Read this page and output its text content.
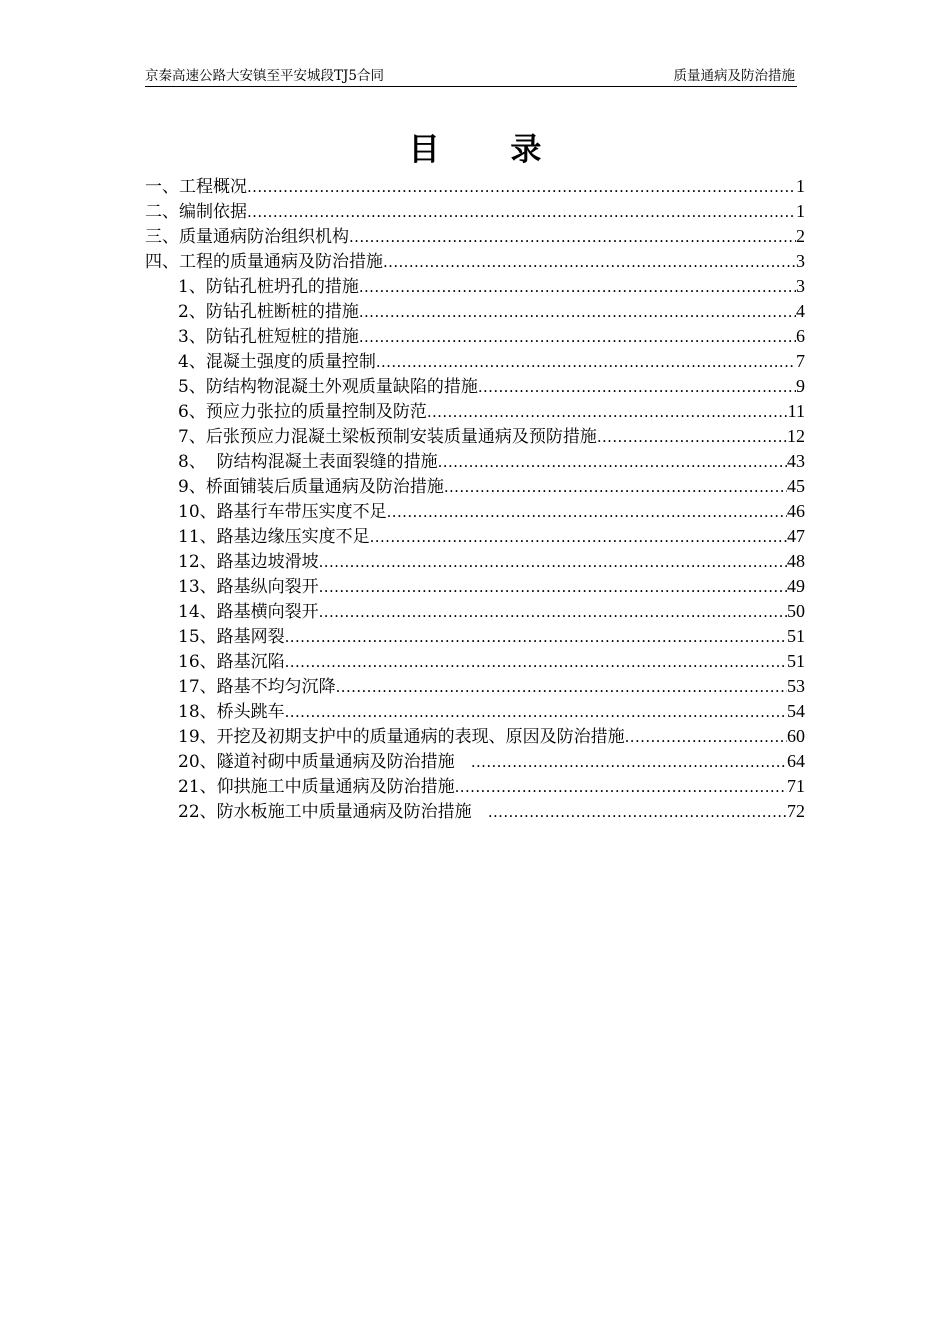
京秦高速公路大安镇至平安城段TJ5合同	质量通病及防治措施
目 录
一、工程概况 .....	1
二、编制依据 .....	1
三、质量通病防治组织机构 .....	2
四、工程的质量通病及防治措施 .....	3
1、防钻孔桩坍孔的措施 .....	3
2、防钻孔桩断桩的措施 .....	4
3、防钻孔桩短桩的措施 .....	6
4、混凝土强度的质量控制 .....	7
5、防结构物混凝土外观质量缺陷的措施 .....	9
6、预应力张拉的质量控制及防范 .....	11
7、后张预应力混凝土梁板预制安装质量通病及预防措施 .....	12
8、  防结构混凝土表面裂缝的措施 .....	43
9、桥面铺装后质量通病及防治措施 .....	45
10、路基行车带压实度不足 .....	46
11、路基边缘压实度不足 .....	47
12、路基边坡滑坡 .....	48
13、路基纵向裂开 .....	49
14、路基横向裂开 .....	50
15、路基网裂 .....	51
16、路基沉陷 .....	51
17、路基不均匀沉降 .....	53
18、桥头跳车 .....	54
19、开挖及初期支护中的质量通病的表现、原因及防治措施 .....	60
20、隧道衬砌中质量通病及防治措施 .....	64
21、仰拱施工中质量通病及防治措施 .....	71
22、防水板施工中质量通病及防治措施 .....	72
